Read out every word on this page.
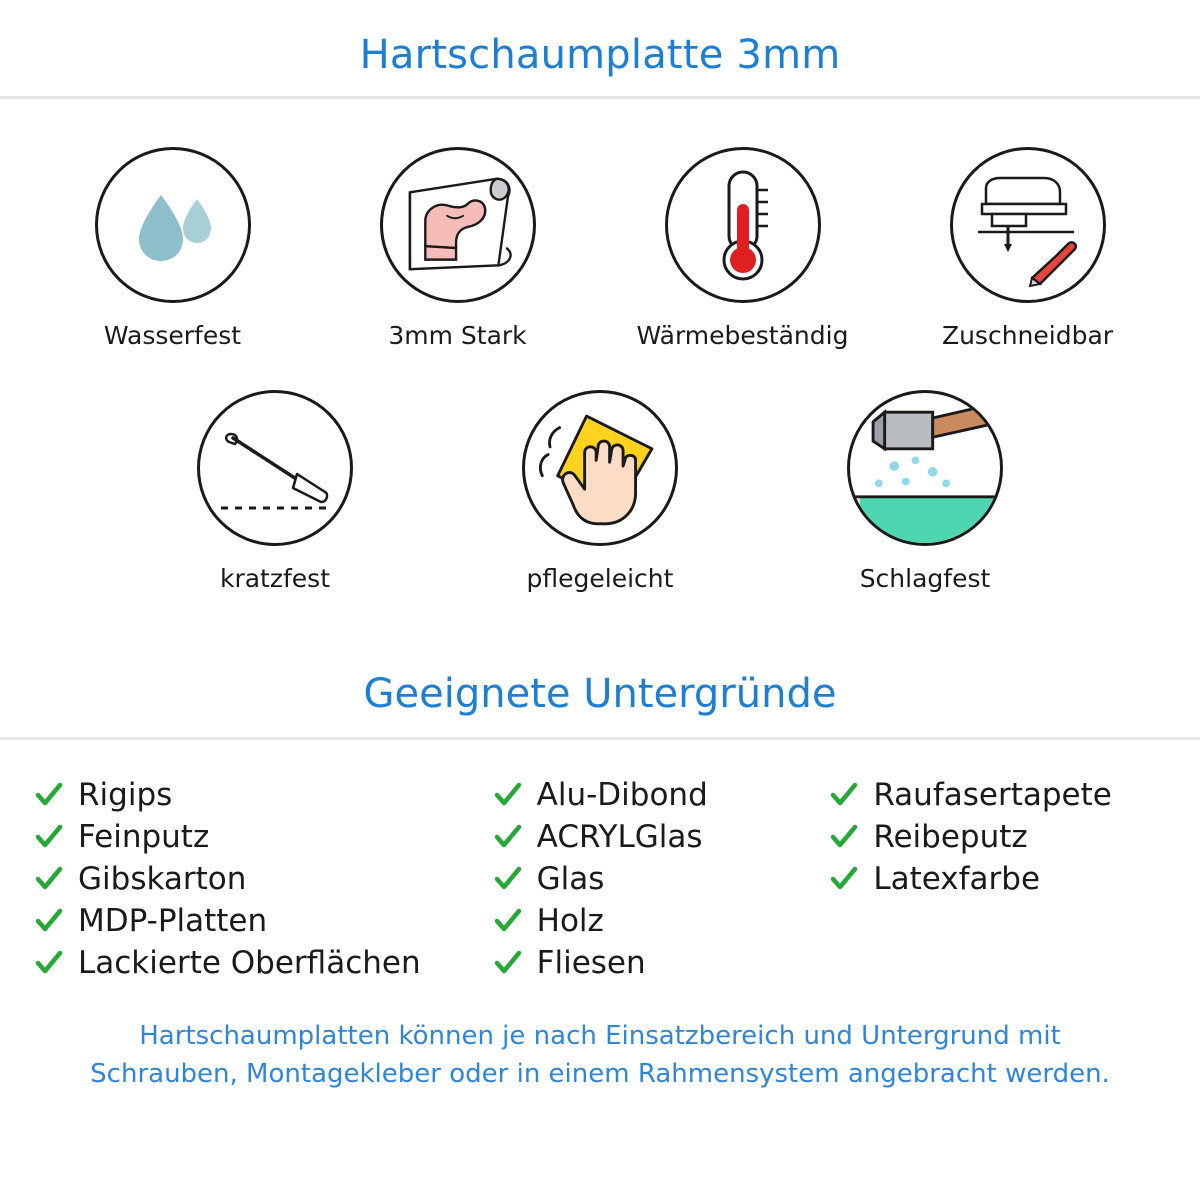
Hartschaumplatte 3mm
Wasserfest	3mm Stark	Wärmebeständig	Zuschneidbar
kratzfest	pflegeleicht	Schlagfest
Geeignete Untergründe
Rigips
Feinputz
Gibskarton
MDP-Platten
Lackierte Oberflächen
Alu-Dibond
ACRYLGlas
Glas
Holz
Fliesen
Raufasertapete
Reibeputz
Latexfarbe
Hartschaumplatten können je nach Einsatzbereich und Untergrund mit
Schrauben, Montagekleber oder in einem Rahmensystem angebracht werden.
